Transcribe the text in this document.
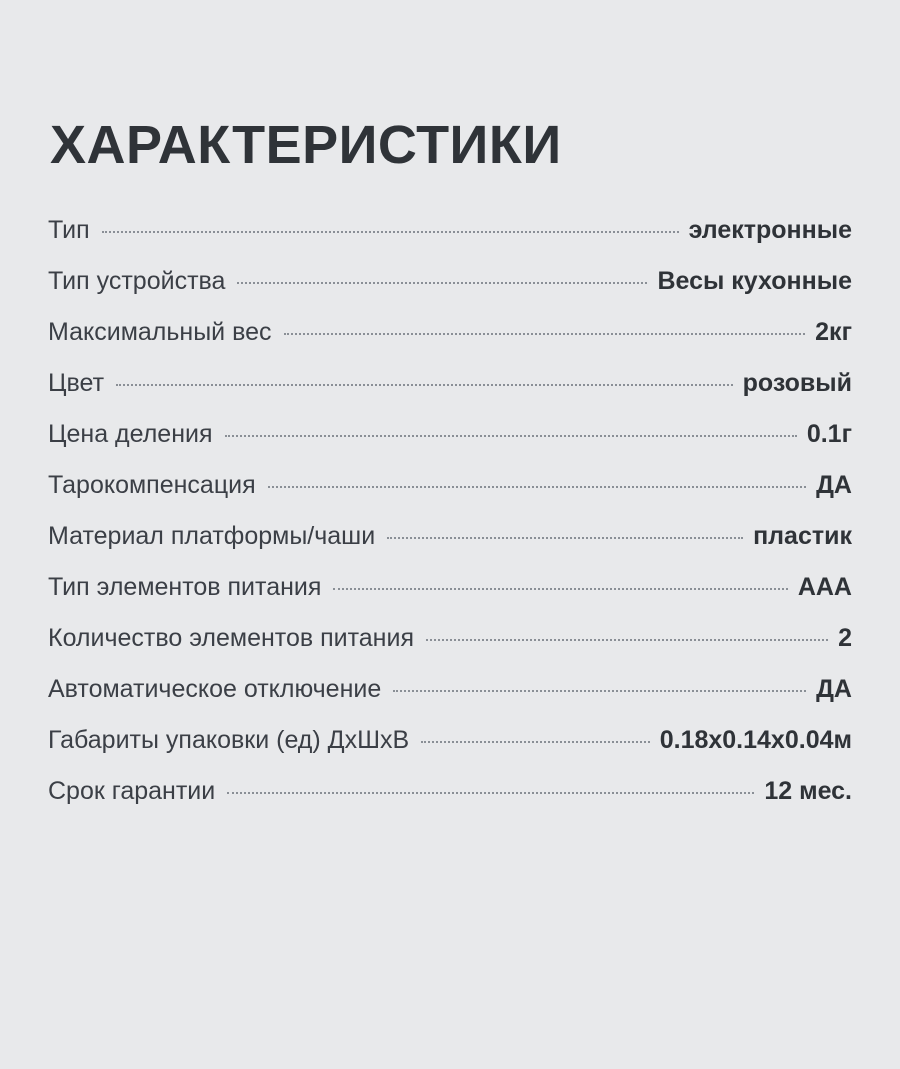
ХАРАКТЕРИСТИКИ
Тип	электронные
Тип устройства	Весы кухонные
Максимальный вес	2кг
Цвет	розовый
Цена деления	0.1г
Тарокомпенсация	ДА
Материал платформы/чаши	пластик
Тип элементов питания	AAA
Количество элементов питания	2
Автоматическое отключение	ДА
Габариты упаковки (ед) ДхШхВ	0.18x0.14x0.04м
Срок гарантии	12 мес.
